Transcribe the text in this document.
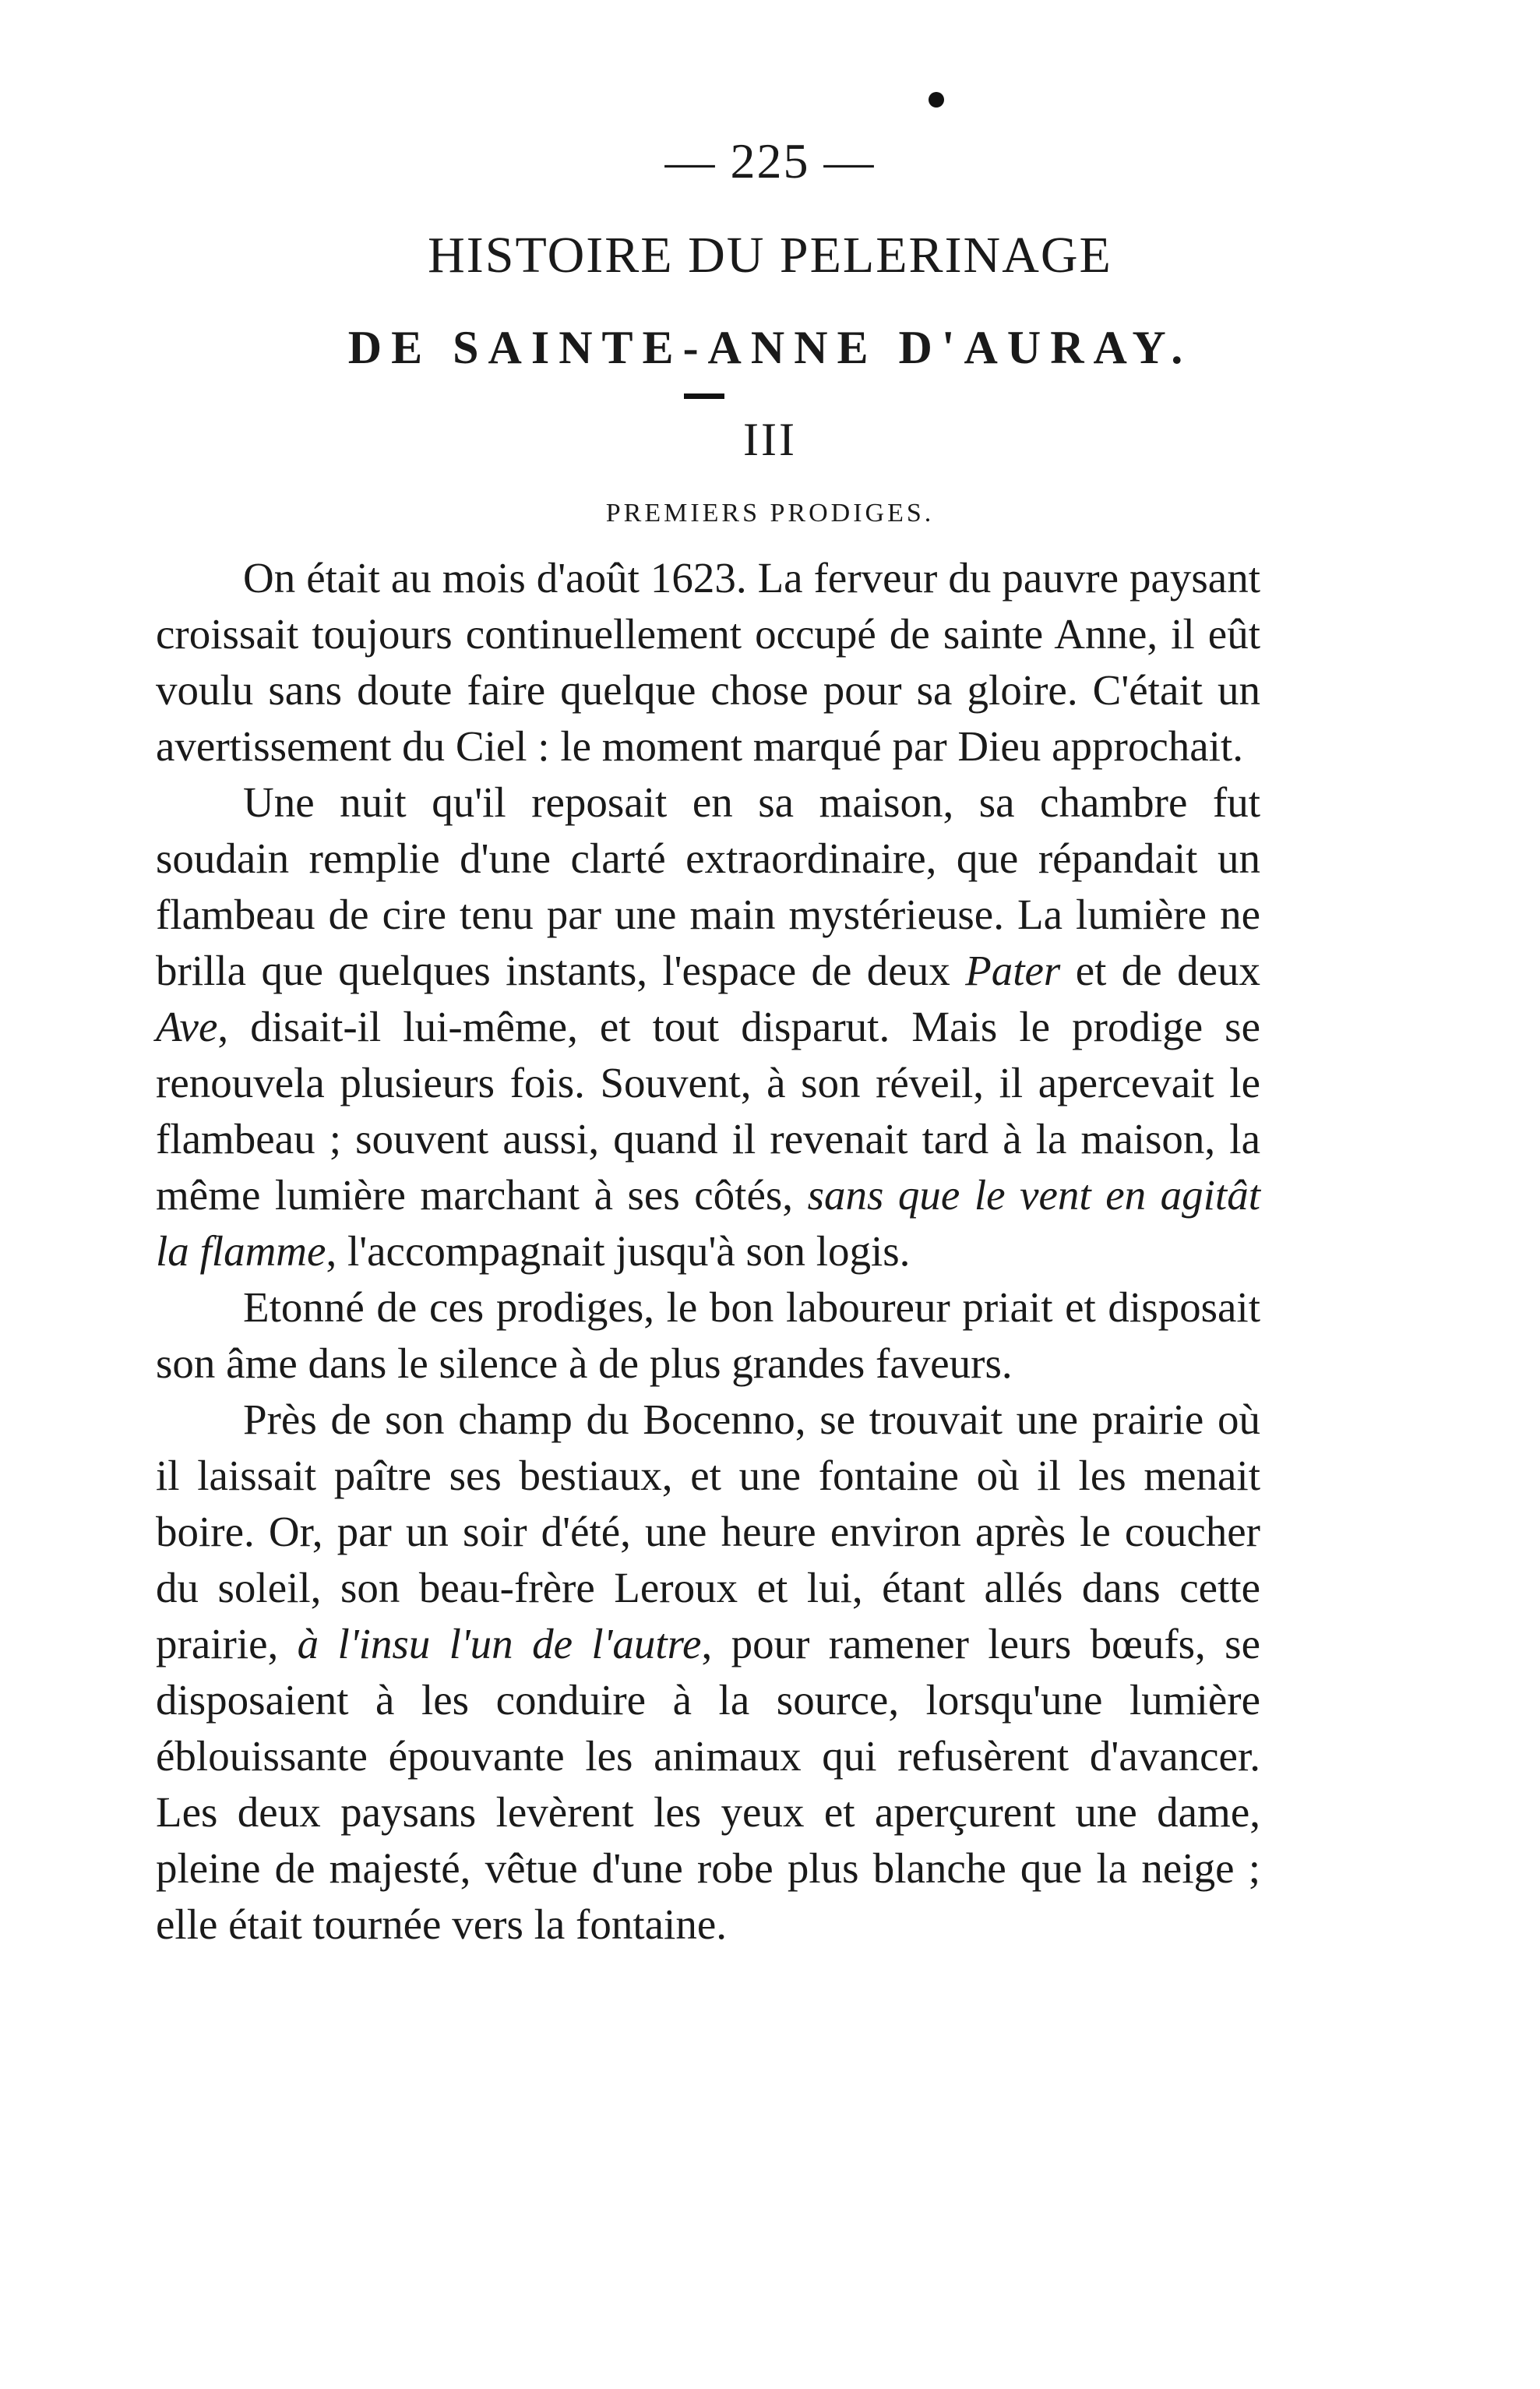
— 225 —
HISTOIRE DU PELERINAGE
DE SAINTE-ANNE D'AURAY.
III
PREMIERS PRODIGES.

On était au mois d'août 1623. La ferveur du pauvre paysant croissait toujours continuellement occupé de sainte Anne, il eût voulu sans doute faire quelque chose pour sa gloire. C'était un avertissement du Ciel : le moment marqué par Dieu approchait.

Une nuit qu'il reposait en sa maison, sa chambre fut soudain remplie d'une clarté extraordinaire, que répandait un flambeau de cire tenu par une main mystérieuse. La lumière ne brilla que quelques instants, l'espace de deux Pater et de deux Ave, disait-il lui-même, et tout disparut. Mais le prodige se renouvela plusieurs fois. Souvent, à son réveil, il apercevait le flambeau ; souvent aussi, quand il revenait tard à la maison, la même lumière marchant à ses côtés, sans que le vent en agitât la flamme, l'accompagnait jusqu'à son logis.

Etonné de ces prodiges, le bon laboureur priait et disposait son âme dans le silence à de plus grandes faveurs.

Près de son champ du Bocenno, se trouvait une prairie où il laissait paître ses bestiaux, et une fontaine où il les menait boire. Or, par un soir d'été, une heure environ après le coucher du soleil, son beau-frère Leroux et lui, étant allés dans cette prairie, à l'insu l'un de l'autre, pour ramener leurs bœufs, se disposaient à les conduire à la source, lorsqu'une lumière éblouissante épouvante les animaux qui refusèrent d'avancer. Les deux paysans levèrent les yeux et aperçurent une dame, pleine de majesté, vêtue d'une robe plus blanche que la neige ; elle était tournée vers la fontaine.
